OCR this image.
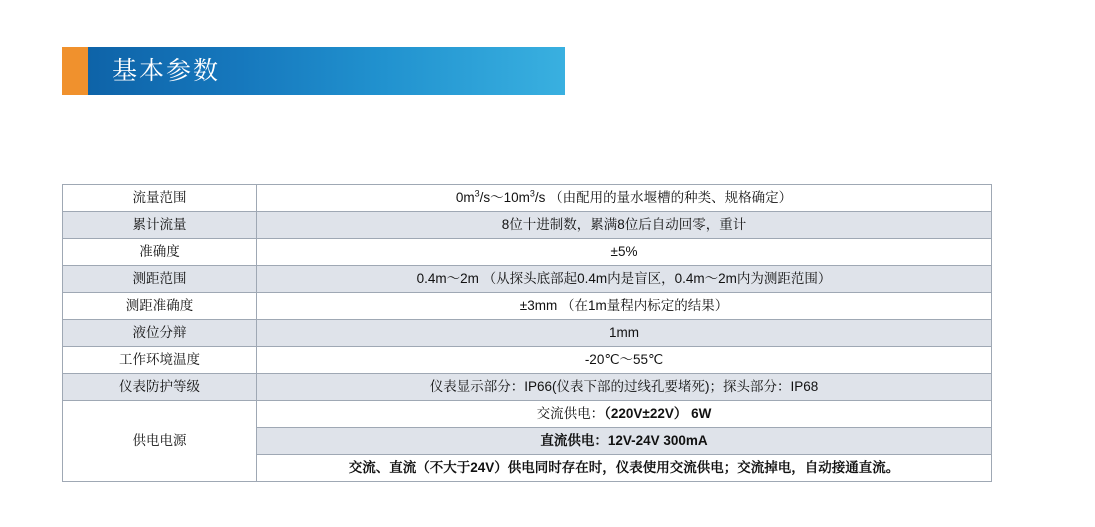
基本参数
流量范围	$0m^3/s\sim 10m^3/s$ （由配用的量水堰槽的种类、规格确定）
累计流量	8位十进制数，累满8位后自动回零，重计
准确度	±5%
测距范围	0.4m～2m （从探头底部起0.4m内是盲区，0.4m～2m内为测距范围）
测距准确度	±3mm （在1m量程内标定的结果）
液位分辩	1mm
工作环境温度	-20℃～55℃
仪表防护等级	仪表显示部分：IP66(仪表下部的过线孔要堵死)；探头部分：IP68
供电电源	交流供电：（220V±22V） 6W
	直流供电：12V-24V 300mA
	交流、直流（不大于24V）供电同时存在时，仪表使用交流供电；交流掉电，自动接通直流。
